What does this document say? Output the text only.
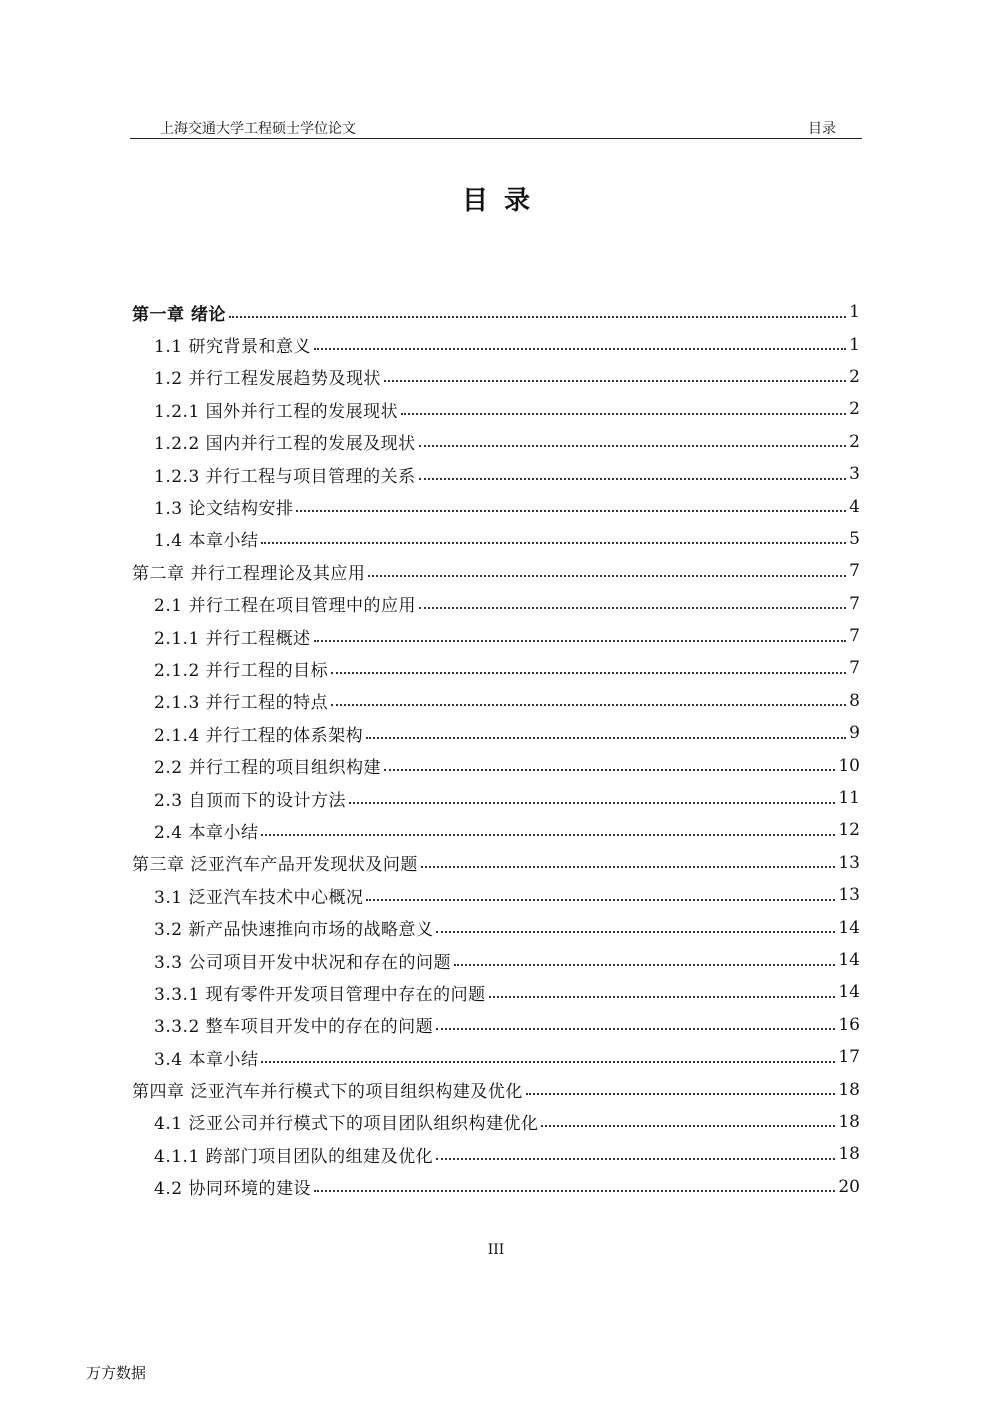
上海交通大学工程硕士学位论文	目录
目录
第一章 绪论	1
1.1 研究背景和意义	1
1.2 并行工程发展趋势及现状	2
1.2.1 国外并行工程的发展现状	2
1.2.2 国内并行工程的发展及现状	2
1.2.3 并行工程与项目管理的关系	3
1.3 论文结构安排	4
1.4 本章小结	5
第二章 并行工程理论及其应用	7
2.1 并行工程在项目管理中的应用	7
2.1.1 并行工程概述	7
2.1.2 并行工程的目标	7
2.1.3 并行工程的特点	8
2.1.4 并行工程的体系架构	9
2.2 并行工程的项目组织构建	10
2.3 自顶而下的设计方法	11
2.4 本章小结	12
第三章 泛亚汽车产品开发现状及问题	13
3.1 泛亚汽车技术中心概况	13
3.2 新产品快速推向市场的战略意义	14
3.3 公司项目开发中状况和存在的问题	14
3.3.1 现有零件开发项目管理中存在的问题	14
3.3.2 整车项目开发中的存在的问题	16
3.4 本章小结	17
第四章 泛亚汽车并行模式下的项目组织构建及优化	18
4.1 泛亚公司并行模式下的项目团队组织构建优化	18
4.1.1 跨部门项目团队的组建及优化	18
4.2 协同环境的建设	20
III
万方数据
